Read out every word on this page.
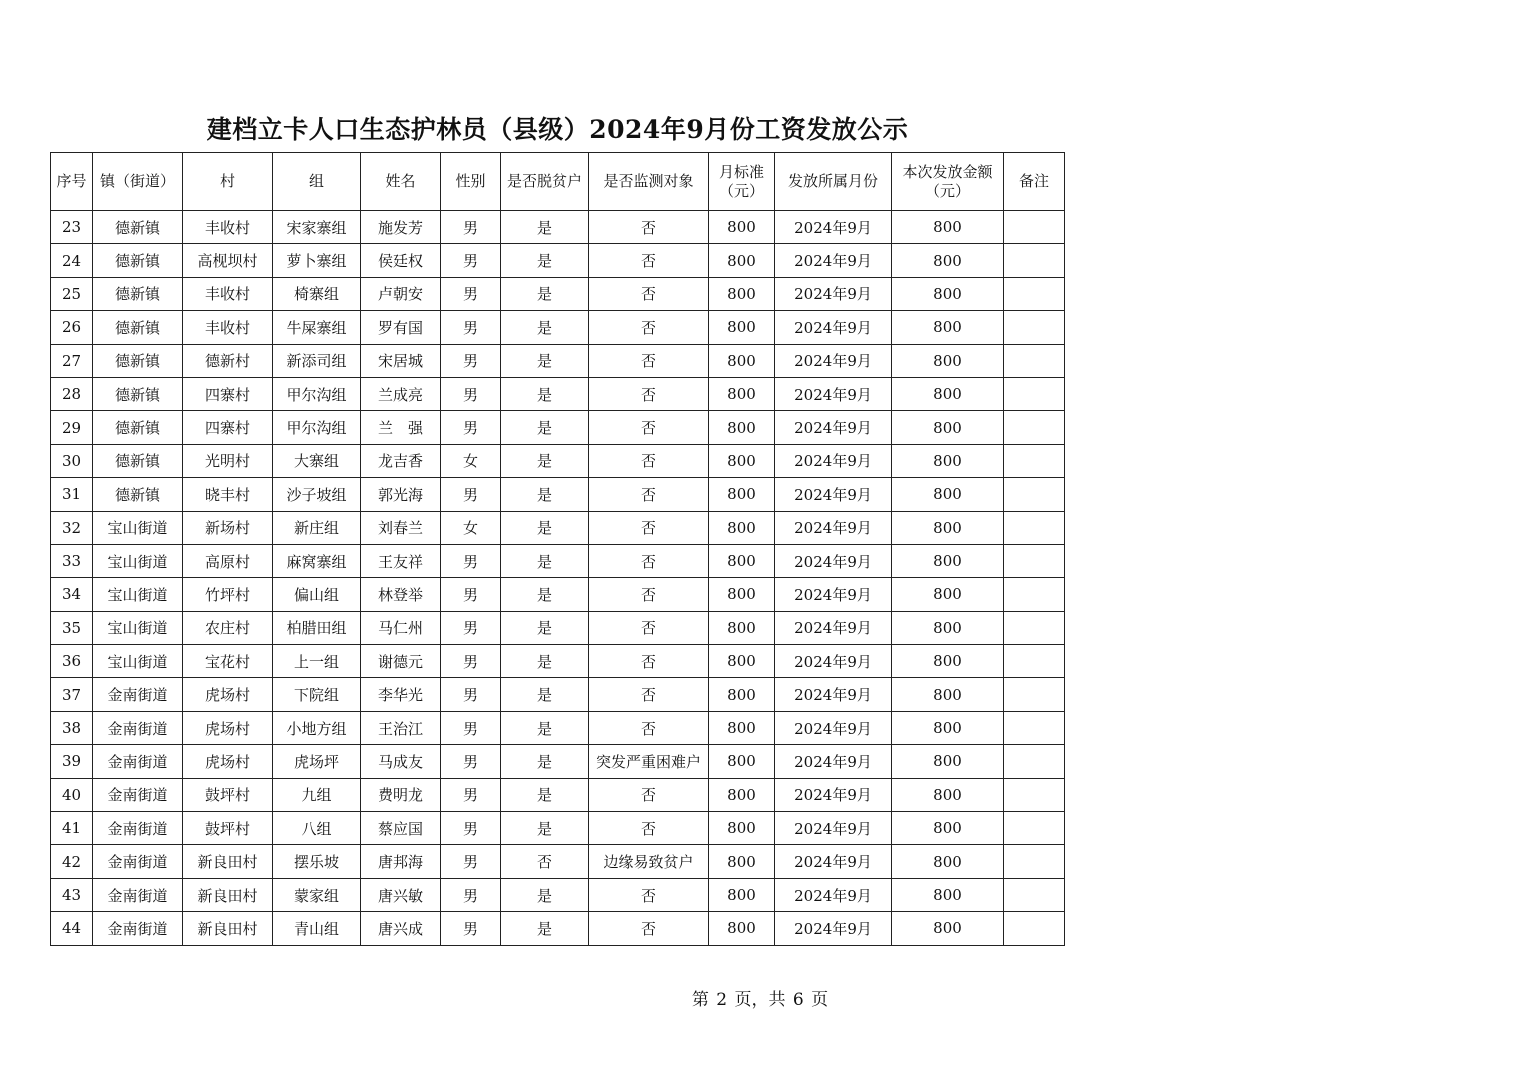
建档立卡人口生态护林员（县级）2024年9月份工资发放公示
序号	镇（街道）	村	组	姓名	性别	是否脱贫户	是否监测对象	月标准（元）	发放所属月份	本次发放金额（元）	备注
23	德新镇	丰收村	宋家寨组	施发芳	男	是	否	800	2024年9月	800	
24	德新镇	高枧坝村	萝卜寨组	侯廷权	男	是	否	800	2024年9月	800	
25	德新镇	丰收村	椅寨组	卢朝安	男	是	否	800	2024年9月	800	
26	德新镇	丰收村	牛屎寨组	罗有国	男	是	否	800	2024年9月	800	
27	德新镇	德新村	新添司组	宋居城	男	是	否	800	2024年9月	800	
28	德新镇	四寨村	甲尔沟组	兰成亮	男	是	否	800	2024年9月	800	
29	德新镇	四寨村	甲尔沟组	兰　强	男	是	否	800	2024年9月	800	
30	德新镇	光明村	大寨组	龙吉香	女	是	否	800	2024年9月	800	
31	德新镇	晓丰村	沙子坡组	郭光海	男	是	否	800	2024年9月	800	
32	宝山街道	新场村	新庄组	刘春兰	女	是	否	800	2024年9月	800	
33	宝山街道	高原村	麻窝寨组	王友祥	男	是	否	800	2024年9月	800	
34	宝山街道	竹坪村	偏山组	林登举	男	是	否	800	2024年9月	800	
35	宝山街道	农庄村	柏腊田组	马仁州	男	是	否	800	2024年9月	800	
36	宝山街道	宝花村	上一组	谢德元	男	是	否	800	2024年9月	800	
37	金南街道	虎场村	下院组	李华光	男	是	否	800	2024年9月	800	
38	金南街道	虎场村	小地方组	王治江	男	是	否	800	2024年9月	800	
39	金南街道	虎场村	虎场坪	马成友	男	是	突发严重困难户	800	2024年9月	800	
40	金南街道	鼓坪村	九组	费明龙	男	是	否	800	2024年9月	800	
41	金南街道	鼓坪村	八组	蔡应国	男	是	否	800	2024年9月	800	
42	金南街道	新良田村	摆乐坡	唐邦海	男	否	边缘易致贫户	800	2024年9月	800	
43	金南街道	新良田村	蒙家组	唐兴敏	男	是	否	800	2024年9月	800	
44	金南街道	新良田村	青山组	唐兴成	男	是	否	800	2024年9月	800	
第 2 页，共 6 页
